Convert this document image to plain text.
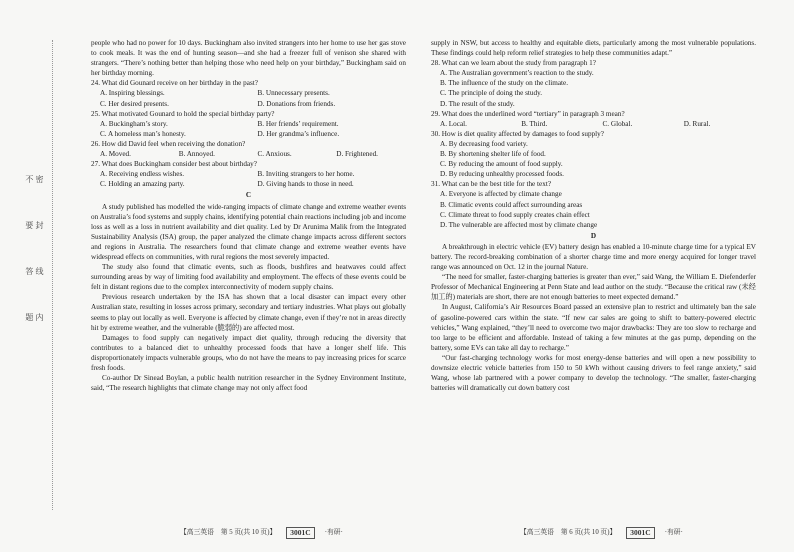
密 封 线 内 不 要 答 题

people who had no power for 10 days. Buckingham also invited strangers into her home to use her gas stove to cook meals. It was the end of hunting season—and she had a freezer full of venison she shared with strangers. “There’s nothing better than helping those who need help on your birthday,” Buckingham said on her birthday morning.

24. What did Gounard receive on her birthday in the past?

A. Inspiring blessings.	B. Unnecessary presents.
C. Her desired presents.	D. Donations from friends.

25. What motivated Gounard to hold the special birthday party?

A. Buckingham’s story.	B. Her friends’ requirement.
C. A homeless man’s honesty.	D. Her grandma’s influence.

26. How did David feel when receiving the donation?

A. Moved.	B. Annoyed.	C. Anxious.	D. Frightened.

27. What does Buckingham consider best about birthday?

A. Receiving endless wishes.	B. Inviting strangers to her home.
C. Holding an amazing party.	D. Giving hands to those in need.
C

A study published has modelled the wide-ranging impacts of climate change and extreme weather events on Australia’s food systems and supply chains, identifying potential chain reactions including job and income loss as well as a loss in nutrient availability and diet quality. Led by Dr Arunima Malik from the Integrated Sustainability Analysis (ISA) group, the paper analyzed the climate change impacts across different sectors and regions in Australia. The researchers found that climate change and extreme weather events have widespread effects on communities, with rural regions the most severely impacted.

The study also found that climatic events, such as floods, bushfires and heatwaves could affect surrounding areas by way of limiting food availability and employment. The effects of these events could be felt in distant regions due to the complex interconnectivity of modern supply chains.

Previous research undertaken by the ISA has shown that a local disaster can impact every other Australian state, resulting in losses across primary, secondary and tertiary industries. What plays out globally seems to play out locally as well. Everyone is affected by climate change, even if they’re not in areas directly hit by extreme weather, and the vulnerable (脆弱的) are affected most.

Damages to food supply can negatively impact diet quality, through reducing the diversity that contributes to a balanced diet to unhealthy processed foods that have a longer shelf life. This disproportionately impacts vulnerable groups, who do not have the means to pay increasing prices for scarce fresh foods.

Co-author Dr Sinead Boylan, a public health nutrition researcher in the Sydney Environment Institute, said, “The research highlights that climate change may not only affect food

supply in NSW, but access to healthy and equitable diets, particularly among the most vulnerable populations. These findings could help reform relief strategies to help these communities adapt.”

28. What can we learn about the study from paragraph 1?

A. The Australian government’s reaction to the study.
B. The influence of the study on the climate.
C. The principle of doing the study.
D. The result of the study.

29. What does the underlined word “tertiary” in paragraph 3 mean?

A. Local.	B. Third.	C. Global.	D. Rural.

30. How is diet quality affected by damages to food supply?

A. By decreasing food variety.
B. By shortening shelter life of food.
C. By reducing the amount of food supply.
D. By reducing unhealthy processed foods.

31. What can be the best title for the text?

A. Everyone is affected by climate change
B. Climatic events could affect surrounding areas
C. Climate threat to food supply creates chain effect
D. The vulnerable are affected most by climate change
D

A breakthrough in electric vehicle (EV) battery design has enabled a 10-minute charge time for a typical EV battery. The record-breaking combination of a shorter charge time and more energy acquired for longer travel range was announced on Oct. 12 in the journal Nature.

“The need for smaller, faster-charging batteries is greater than ever,” said Wang, the William E. Diefenderfer Professor of Mechanical Engineering at Penn State and lead author on the study. “Because the critical raw (未经加工的) materials are short, there are not enough batteries to meet expected demand.”

In August, California’s Air Resources Board passed an extensive plan to restrict and ultimately ban the sale of gasoline-powered cars within the state. “If new car sales are going to shift to battery-powered electric vehicles,” Wang explained, “they’ll need to overcome two major drawbacks: They are too slow to recharge and too large to be efficient and affordable. Instead of taking a few minutes at the gas pump, depending on the battery, some EVs can take all day to recharge.”

“Our fast-charging technology works for most energy-dense batteries and will open a new possibility to downsize electric vehicle batteries from 150 to 50 kWh without causing drivers to feel range anxiety,” said Wang, whose lab partnered with a power company to develop the technology. “The smaller, faster-charging batteries will dramatically cut down battery cost

【高三英语　第 5 页(共 10 页)】	3001C	·有研·	【高三英语　第 6 页(共 10 页)】	3001C	·有研·
